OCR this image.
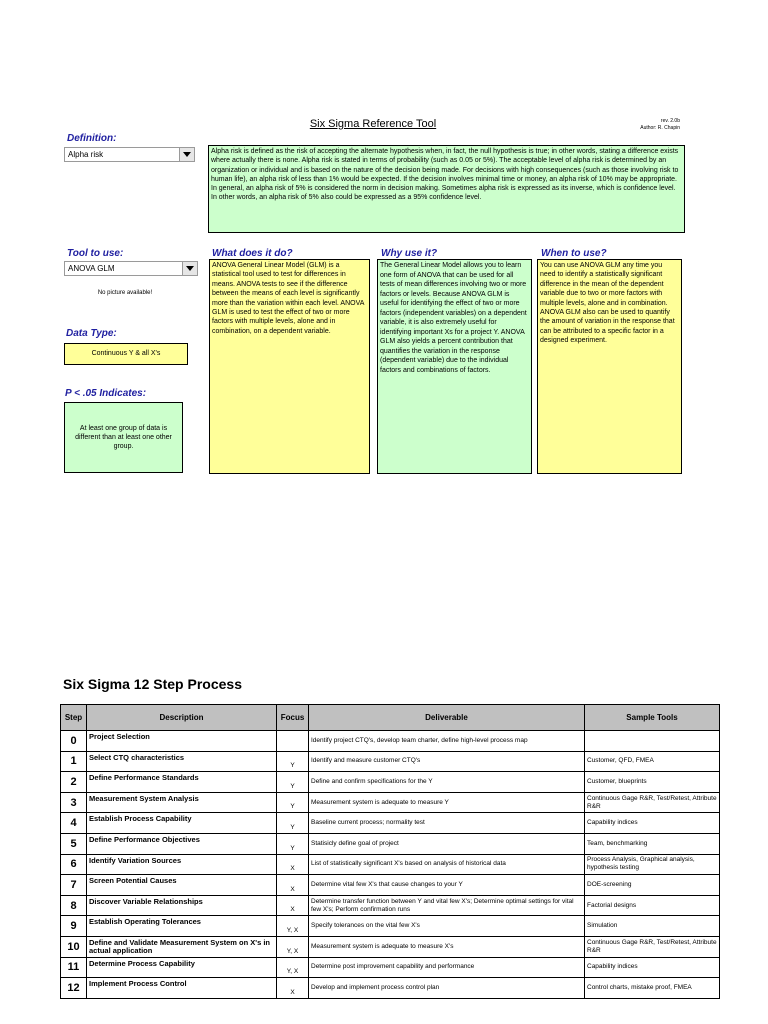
Six Sigma Reference Tool	rev. 2.0b
Author: R. Chapin
Definition:
Alpha risk	Alpha risk is defined as the risk of accepting the alternate hypothesis when, in fact, the null hypothesis is true; in other words, stating a difference exists where actually there is none. Alpha risk is stated in terms of probability (such as 0.05 or 5%). The acceptable level of alpha risk is determined by an organization or individual and is based on the nature of the decision being made. For decisions with high consequences (such as those involving risk to human life), an alpha risk of less than 1% would be expected. If the decision involves minimal time or money, an alpha risk of 10% may be appropriate. In general, an alpha risk of 5% is considered the norm in decision making. Sometimes alpha risk is expressed as its inverse, which is confidence level. In other words, an alpha risk of 5% also could be expressed as a 95% confidence level.
Tool to use:
ANOVA GLM
No picture available!
What does it do?
ANOVA General Linear Model (GLM) is a statistical tool used to test for differences in means. ANOVA tests to see if the difference between the means of each level is significantly more than the variation within each level. ANOVA GLM is used to test the effect of two or more factors with multiple levels, alone and in combination, on a dependent variable.
Why use it?
The General Linear Model allows you to learn one form of ANOVA that can be used for all tests of mean differences involving two or more factors or levels. Because ANOVA GLM is useful for identifying the effect of two or more factors (independent variables) on a dependent variable, it is also extremely useful for identifying important Xs for a project Y. ANOVA GLM also yields a percent contribution that quantifies the variation in the response (dependent variable) due to the individual factors and combinations of factors.
When to use?
You can use ANOVA GLM any time you need to identify a statistically significant difference in the mean of the dependent variable due to two or more factors with multiple levels, alone and in combination. ANOVA GLM also can be used to quantify the amount of variation in the response that can be attributed to a specific factor in a designed experiment.
Data Type:
Continuous Y & all X's
P < .05 Indicates:
At least one group of data is different than at least one other group.
Six Sigma 12 Step Process
Step	Description	Focus	Deliverable	Sample Tools
0	Project Selection		Identify project CTQ's, develop team charter, define high-level process map	
1	Select CTQ characteristics	Y	Identify and measure customer CTQ's	Customer, QFD, FMEA
2	Define Performance Standards	Y	Define and confirm specifications for the Y	Customer, blueprints
3	Measurement System Analysis	Y	Measurement system is adequate to measure Y	Continuous Gage R&R, Test/Retest, Attribute R&R
4	Establish Process Capability	Y	Baseline current process; normality test	Capability indices
5	Define Performance Objectives	Y	Statisicly define goal of project	Team, benchmarking
6	Identify Variation Sources	X	List of statistically significant X's based on analysis of historical data	Process Analysis, Graphical analysis, hypothesis testing
7	Screen Potential Causes	X	Determine vital few X's that cause changes to your Y	DOE-screening
8	Discover Variable Relationships	X	Determine transfer function between Y and vital few X's; Determine optimal settings for vital few X's; Perform confirmation runs	Factorial designs
9	Establish Operating Tolerances	Y, X	Specify tolerances on the vital few X's	Simulation
10	Define and Validate Measurement System on X's in actual application	Y, X	Measurement system is adequate to measure X's	Continuous Gage R&R, Test/Retest, Attribute R&R
11	Determine Process Capability	Y, X	Determine post improvement capability and performance	Capability indices
12	Implement Process Control	X	Develop and implement process control plan	Control charts, mistake proof, FMEA
